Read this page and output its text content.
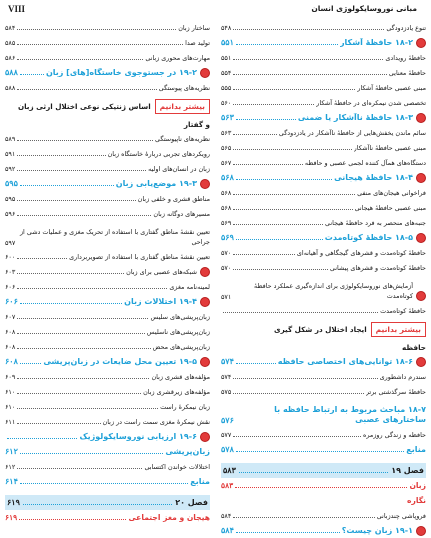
VIII	مبانی نوروسایکولوژی انسان
تنوع یادزدودگی
۵۴۸
۱۸-۲ حافظۀ آشکار
۵۵۱
حافظۀ رویدادی
۵۵۱
حافظۀ معنایی
۵۵۴
مبنی عصبی حافظۀ آشکار
۵۵۵
تخصصی شدن نیمکره‌ای در حافظۀ آشکار
۵۶۰
۱۸-۳ حافظۀ ناآشکار یا ضمنی
۵۶۳
سائم ماندن یخفش‌هایی از حافظۀ ناآشکار در یادزدودگی
۵۶۳
مبنی عصبی حافظۀ ناآشکار
۵۶۵
دستگاه‌های همآل کننده لجمی عصبی و حافظه
۵۶۷
۱۸-۴ حافظۀ هیجانی
۵۶۸
فراخوانی هیجان‌های منفی
۵۶۸
مبنی عصبی حافظۀ هیجانی
۵۶۸
جنبه‌های منحصر به فرد حافظۀ هیجانی
۵۶۹
۱۸-۵ حافظۀ کوتاه‌مدت
۵۶۹
حافظۀ کوتاه‌مدت و قشرهای گیجگاهی و آهیانه‌ای
۵۷۰
حافظۀ کوتاه‌مدت و قشرهای پیشانی
۵۷۰
آزمایش‌های نوروسایکولوژی برای اندازه‌گیری عملکرد حافظۀ کوتاه‌مدت
۵۷۱
حافظۀ کوتاه‌مدت
بیشتر بدانیم
ایجاد اختلال در شکل گیری
حافظه
۱۸-۶ توانایی‌های اختصاصی حافظه
۵۷۴
سندرم داشطوری
۵۷۴
حافظۀ سرگذشتی برتر
۵۷۵
۱۸-۷ مباحث مربوط به ارتباط حافظه با ساختارهای عصبی
۵۷۶
حافظه و زندگی روزمره
۵۷۷
منابع
۵۷۸
فصل ۱۹
۵۸۳
زبان
۵۸۳
نگاره
فروپاشی چندزبانی
۵۸۴
۱۹-۱ زبان چیست؟
۵۸۴
ساختار زبان
۵۸۴
تولید صدا
۵۸۵
مهارت‌های محوری زبانی
۵۸۶
۱۹-۲ در جستوجوی خاستگاه[های] زبان
۵۸۸
نظریه‌های پیوستگی
۵۸۸
بیشتر بدانیم
اساس ژنتیکی نوعی اختلال ارثی زبان
و گفتار
نظریه‌های ناپیوستگی
۵۸۹
رویکردهای تجربی دربارۀ خاستگاه زبان
۵۹۱
زبان در انسان‌های اولیه
۵۹۲
۱۹-۳ موضع‌یابی زبان
۵۹۵
مناطق قشری و خلفی زبان
۵۹۵
مسیرهای دوگانه زبان
۵۹۶
تعیین نقشۀ مناطق گفتاری با استفاده از تحریک مغزی و عملیات دشی از جراحی
۵۹۷
تعیین نقشۀ مناطق گفتاری با استفاده از تصویربرداری
۶۰۰
شبکه‌های عصبی برای زبان
۶۰۳
لمینه‌نامه مغزی
۶۰۶
۱۹-۴ اختلالات زبان
۶۰۶
زبان‌پریشی‌های سلیس
۶۰۷
زبان‌پریشی‌های ناسلیس
۶۰۸
زبان‌پریشی‌های محض
۶۰۸
۱۹-۵ تعیین محل ضایعات در زبان‌پریشی
۶۰۸
مؤلفه‌های قشری زبان
۶۰۹
مؤلفه‌های زیرقشری زبان
۶۱۰
زبان نیمکرۀ راست
۶۱۰
نقش نیمکرۀ مغزی سمت راست در زبان
۶۱۱
۱۹-۶ ارزیابی نوروسایکولوژیک
زبان‌پریشی
۶۱۲
اختلالات خواندن اکتسابی
۶۱۲
منابع
۶۱۴
فصل ۲۰
۶۱۹
هیجان و مغز اجتماعی
۶۱۹
